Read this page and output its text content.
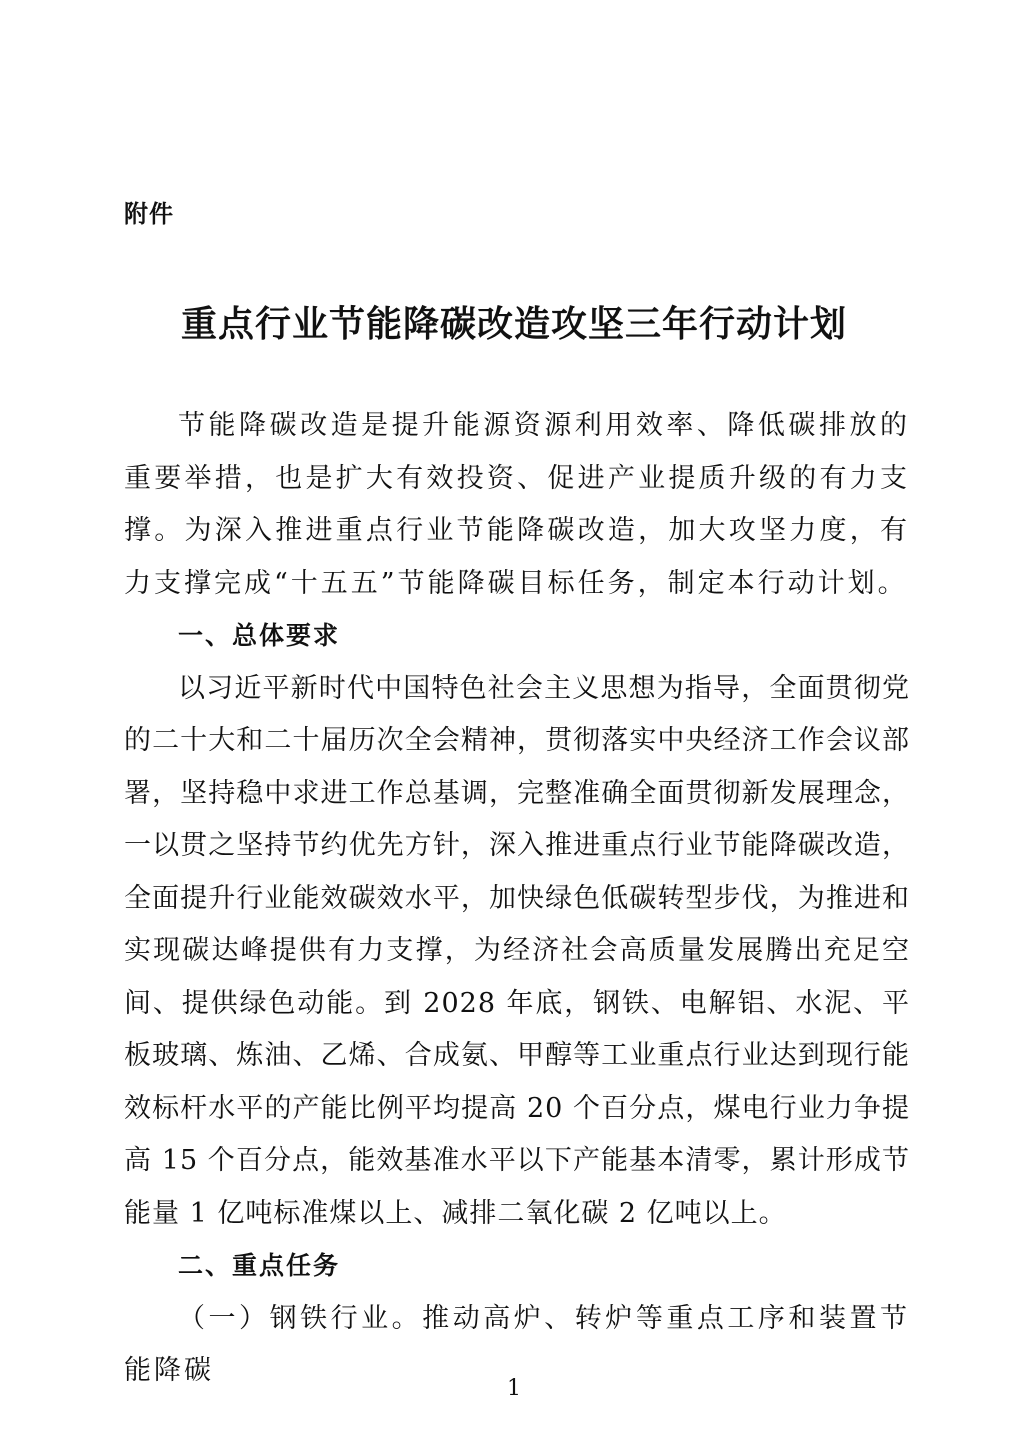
附件
重点行业节能降碳改造攻坚三年行动计划

节能降碳改造是提升能源资源利用效率、降低碳排放的重要举措，也是扩大有效投资、促进产业提质升级的有力支撑。为深入推进重点行业节能降碳改造，加大攻坚力度，有力支撑完成“十五五”节能降碳目标任务，制定本行动计划。

一、总体要求

以习近平新时代中国特色社会主义思想为指导，全面贯彻党的二十大和二十届历次全会精神，贯彻落实中央经济工作会议部署，坚持稳中求进工作总基调，完整准确全面贯彻新发展理念，一以贯之坚持节约优先方针，深入推进重点行业节能降碳改造，全面提升行业能效碳效水平，加快绿色低碳转型步伐，为推进和实现碳达峰提供有力支撑，为经济社会高质量发展腾出充足空间、提供绿色动能。到 2028 年底，钢铁、电解铝、水泥、平板玻璃、炼油、乙烯、合成氨、甲醇等工业重点行业达到现行能效标杆水平的产能比例平均提高 20 个百分点，煤电行业力争提高 15 个百分点，能效基准水平以下产能基本清零，累计形成节能量 1 亿吨标准煤以上、减排二氧化碳 2 亿吨以上。

二、重点任务

（一）钢铁行业。推动高炉、转炉等重点工序和装置节能降碳

1
